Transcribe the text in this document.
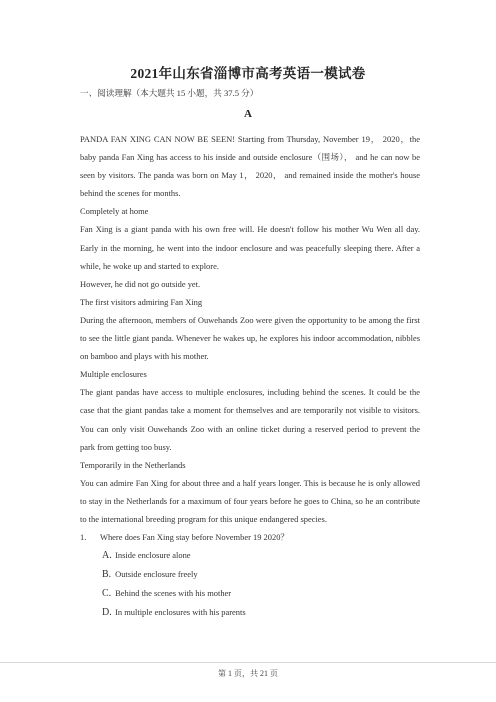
2021年山东省淄博市高考英语一模试卷
一、阅读理解（本大题共 15 小题，共 37.5 分）
A

PANDA FAN XING CAN NOW BE SEEN! Starting from Thursday, November 19， 2020，the baby panda Fan Xing has access to his inside and outside enclosure（围场）， and he can now be seen by visitors. The panda was born on May 1， 2020， and remained inside the mother's house behind the scenes for months.

Completely at home

Fan Xing is a giant panda with his own free will. He doesn't follow his mother Wu Wen all day. Early in the morning, he went into the indoor enclosure and was peacefully sleeping there. After a while, he woke up and started to explore.

However, he did not go outside yet.

The first visitors admiring Fan Xing

During the afternoon, members of Ouwehands Zoo were given the opportunity to be among the first to see the little giant panda. Whenever he wakes up, he explores his indoor accommodation, nibbles on bamboo and plays with his mother.

Multiple enclosures

The giant pandas have access to multiple enclosures, including behind the scenes. It could be the case that the giant pandas take a moment for themselves and are temporarily not visible to visitors. You can only visit Ouwehands Zoo with an online ticket during a reserved period to prevent the park from getting too busy.

Temporarily in the Netherlands

You can admire Fan Xing for about three and a half years longer. This is because he is only allowed to stay in the Netherlands for a maximum of four years before he goes to China, so he an contribute to the international breeding program for this unique endangered species.

1. Where does Fan Xing stay before November 19 2020？

A. Inside enclosure alone

B. Outside enclosure freely

C. Behind the scenes with his mother

D. In multiple enclosures with his parents

第 1 页，共 21 页
